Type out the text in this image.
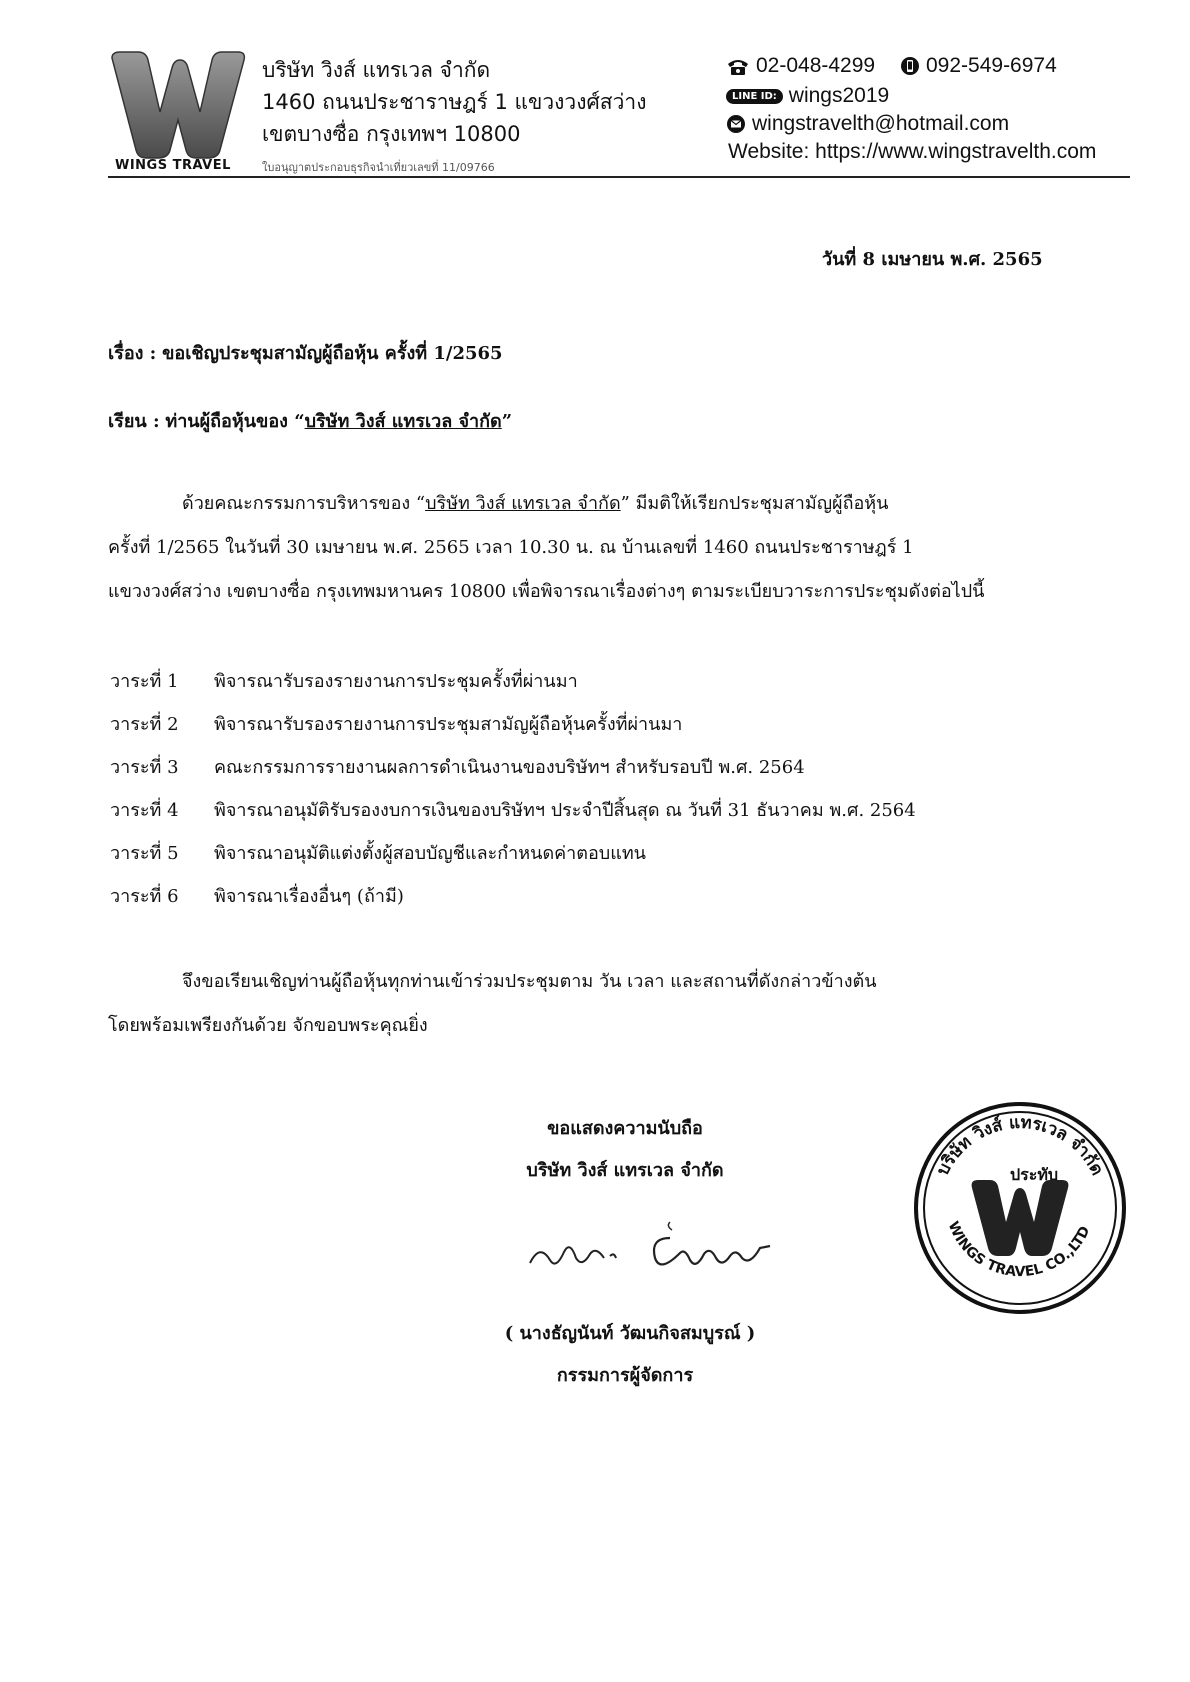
WINGS TRAVEL
บริษัท วิงส์ แทรเวล จำกัด
1460 ถนนประชาราษฎร์ 1 แขวงวงศ์สว่าง
เขตบางซื่อ กรุงเทพฯ 10800
ใบอนุญาตประกอบธุรกิจนำเที่ยวเลขที่ 11/09766
02-048-4299 092-549-6974
LINE ID: wings2019
wingstravelth@hotmail.com
Website: https://www.wingstravelth.com
วันที่ 8 เมษายน พ.ศ. 2565
เรื่อง : ขอเชิญประชุมสามัญผู้ถือหุ้น ครั้งที่ 1/2565
เรียน : ท่านผู้ถือหุ้นของ “บริษัท วิงส์ แทรเวล จำกัด”
ด้วยคณะกรรมการบริหารของ “บริษัท วิงส์ แทรเวล จำกัด” มีมติให้เรียกประชุมสามัญผู้ถือหุ้น
ครั้งที่ 1/2565 ในวันที่ 30 เมษายน พ.ศ. 2565 เวลา 10.30 น. ณ บ้านเลขที่ 1460 ถนนประชาราษฎร์ 1
แขวงวงศ์สว่าง เขตบางซื่อ กรุงเทพมหานคร 10800 เพื่อพิจารณาเรื่องต่างๆ ตามระเบียบวาระการประชุมดังต่อไปนี้
วาระที่ 1	พิจารณารับรองรายงานการประชุมครั้งที่ผ่านมา
วาระที่ 2	พิจารณารับรองรายงานการประชุมสามัญผู้ถือหุ้นครั้งที่ผ่านมา
วาระที่ 3	คณะกรรมการรายงานผลการดำเนินงานของบริษัทฯ สำหรับรอบปี พ.ศ. 2564
วาระที่ 4	พิจารณาอนุมัติรับรองงบการเงินของบริษัทฯ ประจำปีสิ้นสุด ณ วันที่ 31 ธันวาคม พ.ศ. 2564
วาระที่ 5	พิจารณาอนุมัติแต่งตั้งผู้สอบบัญชีและกำหนดค่าตอบแทน
วาระที่ 6	พิจารณาเรื่องอื่นๆ (ถ้ามี)
จึงขอเรียนเชิญท่านผู้ถือหุ้นทุกท่านเข้าร่วมประชุมตาม วัน เวลา และสถานที่ดังกล่าวข้างต้น
โดยพร้อมเพรียงกันด้วย จักขอบพระคุณยิ่ง
ขอแสดงความนับถือ
บริษัท วิงส์ แทรเวล จำกัด
( นางธัญนันท์ วัฒนกิจสมบูรณ์ )
กรรมการผู้จัดการ
บริษัท วิงส์ แทรเวล จำกัด
WINGS TRAVEL CO.,LTD
ประทับ
